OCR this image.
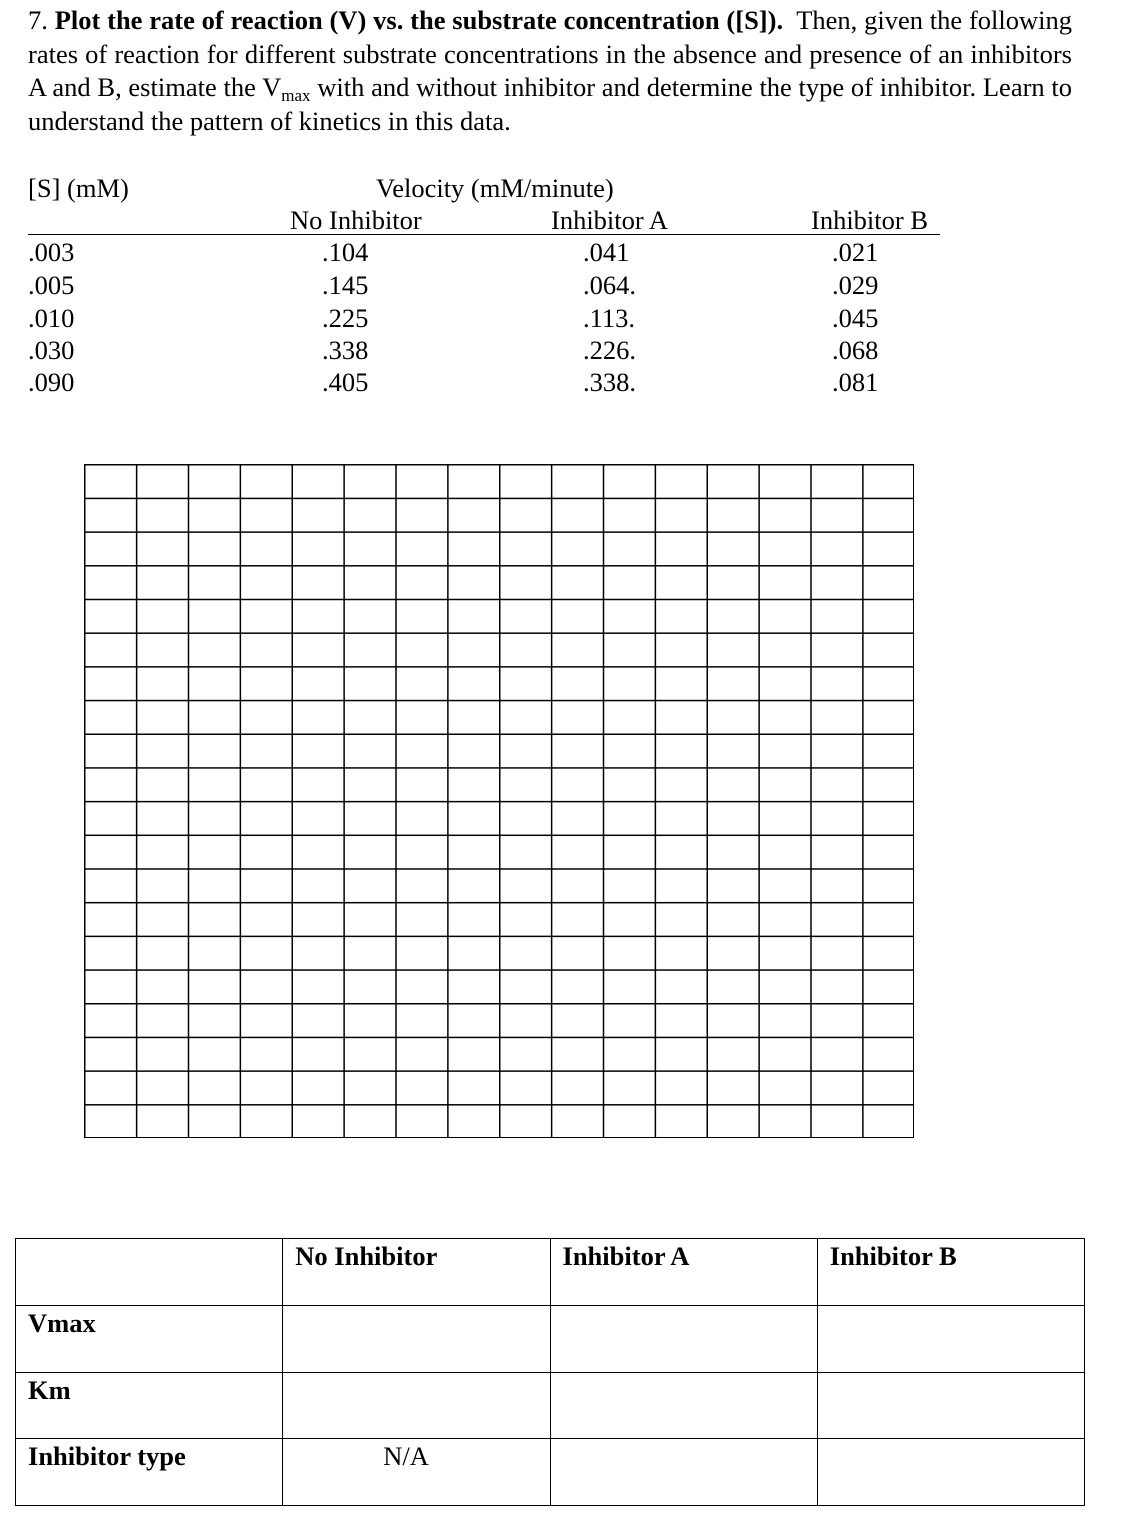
7. Plot the rate of reaction (V) vs. the substrate concentration ([S]). Then, given the following rates of reaction for different substrate concentrations in the absence and presence of an inhibitors A and B, estimate the $V_{max}$ with and without inhibitor and determine the type of inhibitor. Learn to understand the pattern of kinetics in this data.

[S] (mM)	Velocity (mM/minute)
No Inhibitor	Inhibitor A	Inhibitor B
.003	.104	.041	.021
.005	.145	.064.	.029
.010	.225	.113.	.045
.030	.338	.226.	.068
.090	.405	.338.	.081
	No Inhibitor	Inhibitor A	Inhibitor B
Vmax			
Km			
Inhibitor type	N/A		
